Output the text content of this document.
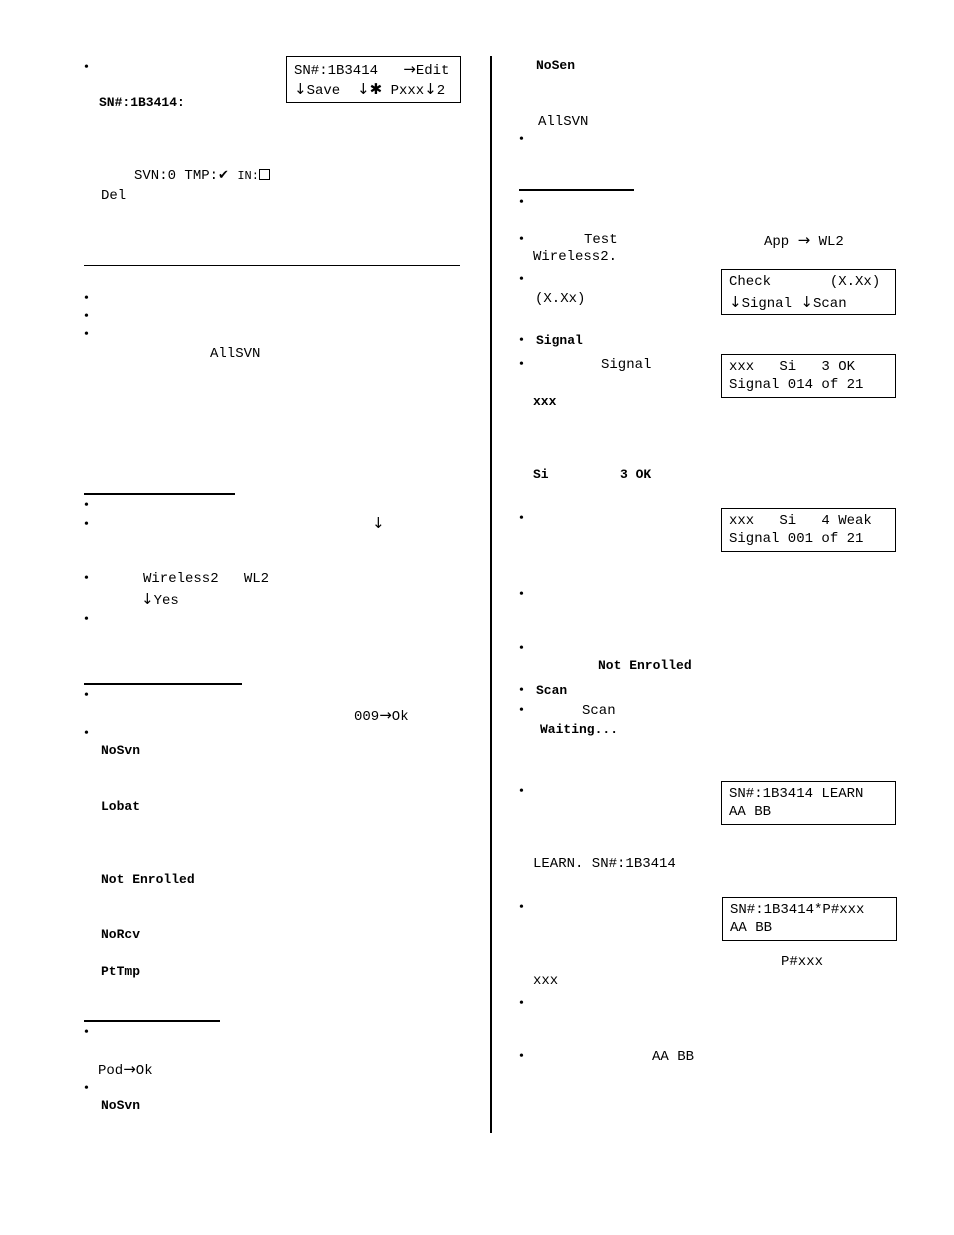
•	SN#:1B3414 →Edit
↓Save ↓✱ Pxxx↓2
SN#:1B3414:
SVN:0 TMP:✔ IN:
Del
•
•
•
AllSVN
•
•	↓
•	Wireless2 WL2
↓Yes
•
•
009→Ok
•
NoSvn
Lobat
Not Enrolled
NoRcv
PtTmp
•
Pod→Ok
•
NoSvn
NoSen
AllSVN
•
•
•	Test	App → WL2
Wireless2.
•	Check	(X.Xx)
↓Signal ↓Scan
(X.Xx)
• Signal
•	Signal	xxx   Si   3 OK
Signal 014 of 21
xxx
Si	3 OK
•	xxx   Si   4 Weak
Signal 001 of 21
•
•
Not Enrolled
• Scan
•	Scan
Waiting...
•	SN#:1B3414 LEARN
AA BB
LEARN. SN#:1B3414
•	SN#:1B3414*P#xxx
AA BB
P#xxx
xxx
•
•	AA BB
